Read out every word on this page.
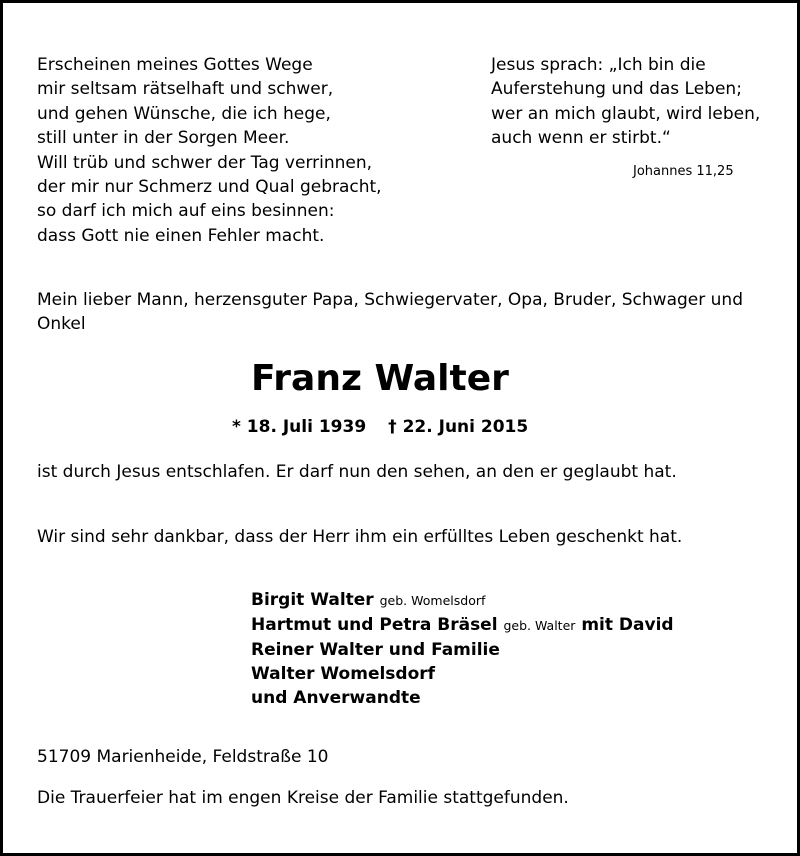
Erscheinen meines Gottes Wege
mir seltsam rätselhaft und schwer,
und gehen Wünsche, die ich hege,
still unter in der Sorgen Meer.
Will trüb und schwer der Tag verrinnen,
der mir nur Schmerz und Qual gebracht,
so darf ich mich auf eins besinnen:
dass Gott nie einen Fehler macht.
Jesus sprach: „Ich bin die
Auferstehung und das Leben;
wer an mich glaubt, wird leben,
auch wenn er stirbt.“
Johannes 11,25
Mein lieber Mann, herzensguter Papa, Schwiegervater, Opa, Bruder, Schwager und Onkel
Franz Walter
* 18. Juli 1939 † 22. Juni 2015
ist durch Jesus entschlafen. Er darf nun den sehen, an den er geglaubt hat.
Wir sind sehr dankbar, dass der Herr ihm ein erfülltes Leben geschenkt hat.
Birgit Walter geb. Womelsdorf
Hartmut und Petra Bräsel geb. Walter mit David
Reiner Walter und Familie
Walter Womelsdorf
und Anverwandte
51709 Marienheide, Feldstraße 10
Die Trauerfeier hat im engen Kreise der Familie stattgefunden.
